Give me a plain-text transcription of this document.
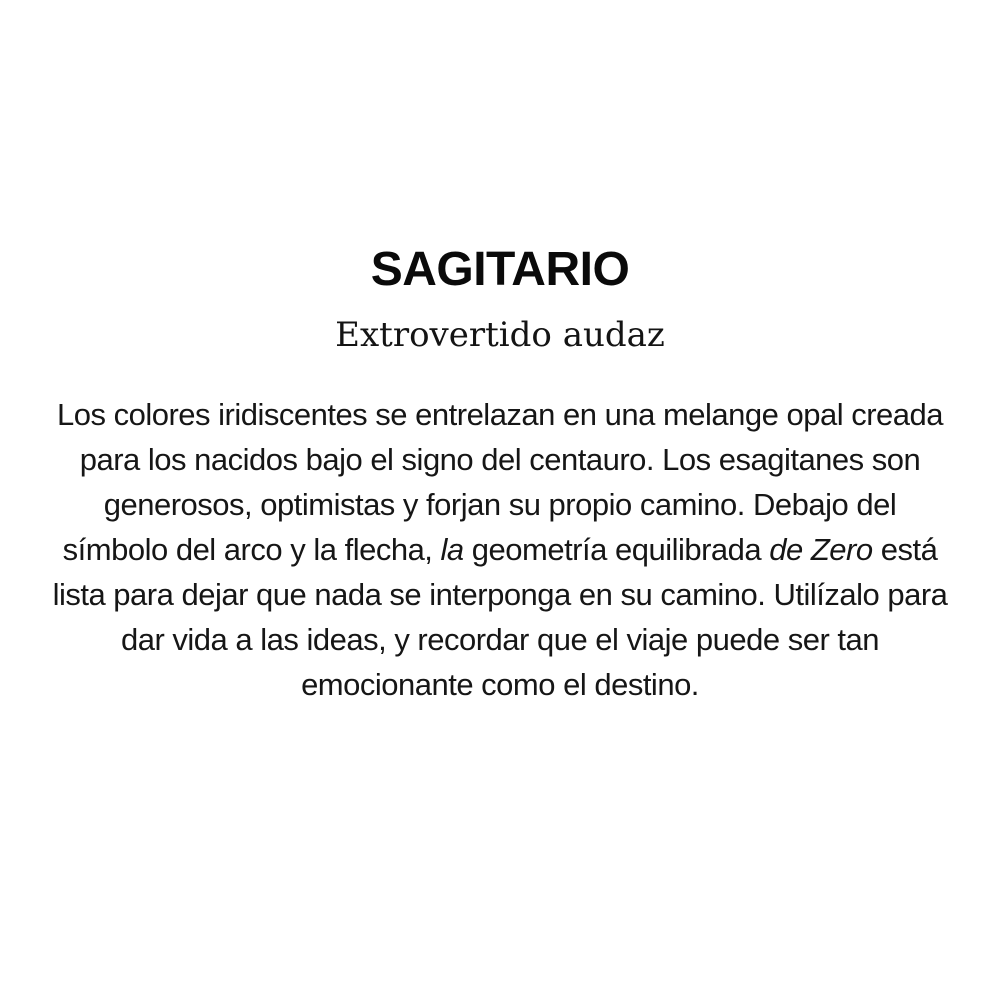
SAGITARIO
Extrovertido audaz
Los colores iridiscentes se entrelazan en una melange opal creada
para los nacidos bajo el signo del centauro. Los esagitanes son
generosos, optimistas y forjan su propio camino. Debajo del
símbolo del arco y la flecha, la geometría equilibrada de Zero está
lista para dejar que nada se interponga en su camino. Utilízalo para
dar vida a las ideas, y recordar que el viaje puede ser tan
emocionante como el destino.
